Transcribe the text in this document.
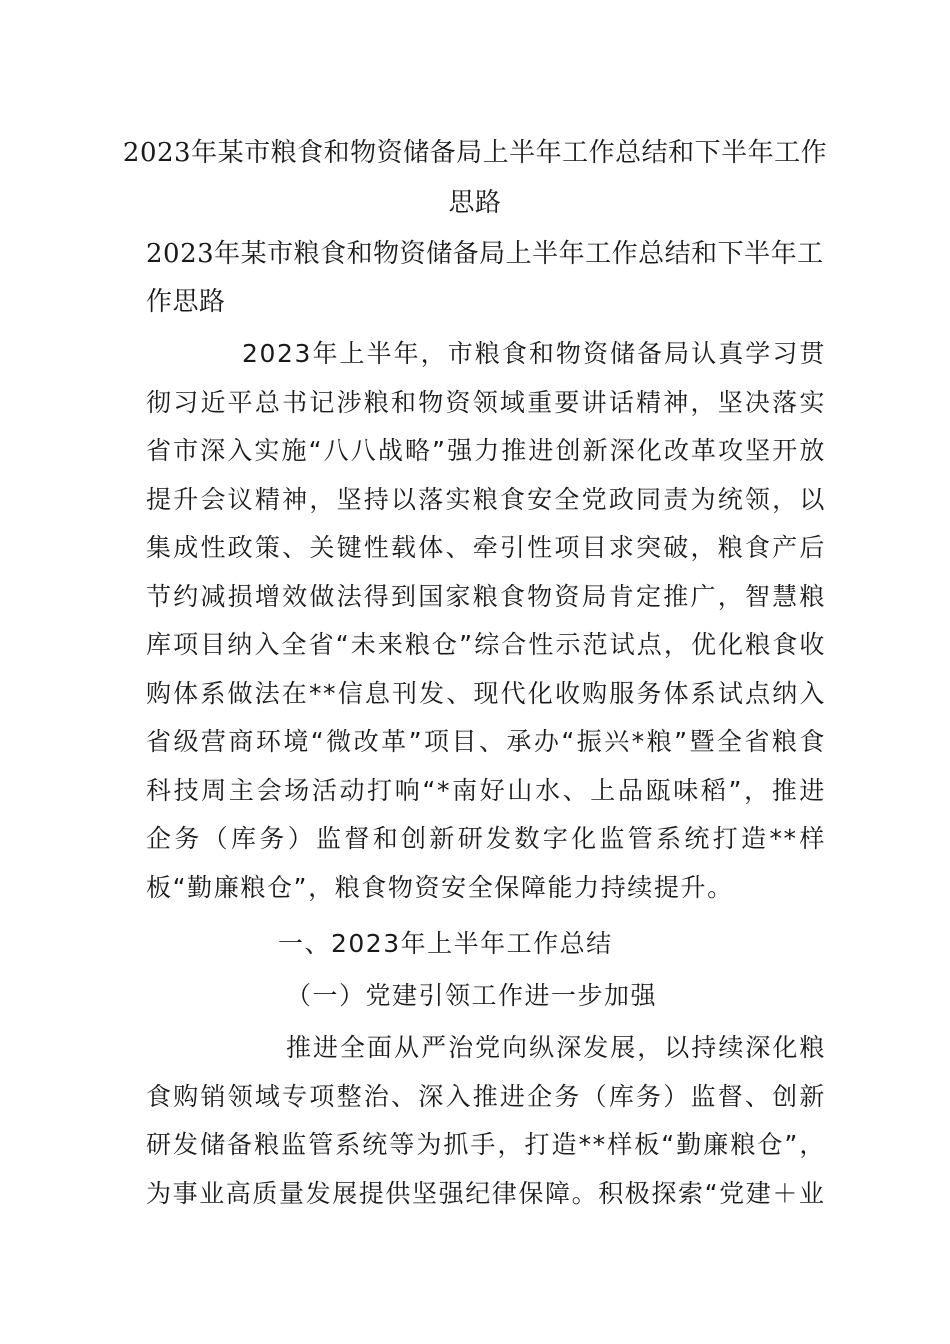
2023年某市粮食和物资储备局上半年工作总结和下半年工作思路
2023年某市粮食和物资储备局上半年工作总结和下半年工作思路
2023年上半年，市粮食和物资储备局认真学习贯彻习近平总书记涉粮和物资领域重要讲话精神，坚决落实省市深入实施“八八战略”强力推进创新深化改革攻坚开放提升会议精神，坚持以落实粮食安全党政同责为统领，以集成性政策、关键性载体、牵引性项目求突破，粮食产后节约减损增效做法得到国家粮食物资局肯定推广，智慧粮库项目纳入全省“未来粮仓”综合性示范试点，优化粮食收购体系做法在**信息刊发、现代化收购服务体系试点纳入省级营商环境“微改革”项目、承办“振兴*粮”暨全省粮食科技周主会场活动打响“*南好山水、上品瓯味稻”，推进企务（库务）监督和创新研发数字化监管系统打造**样板“勤廉粮仓”，粮食物资安全保障能力持续提升。
一、2023年上半年工作总结
（一）党建引领工作进一步加强
推进全面从严治党向纵深发展，以持续深化粮食购销领域专项整治、深入推进企务（库务）监督、创新研发储备粮监管系统等为抓手，打造**样板“勤廉粮仓”，为事业高质量发展提供坚强纪律保障。积极探索“党建＋业
